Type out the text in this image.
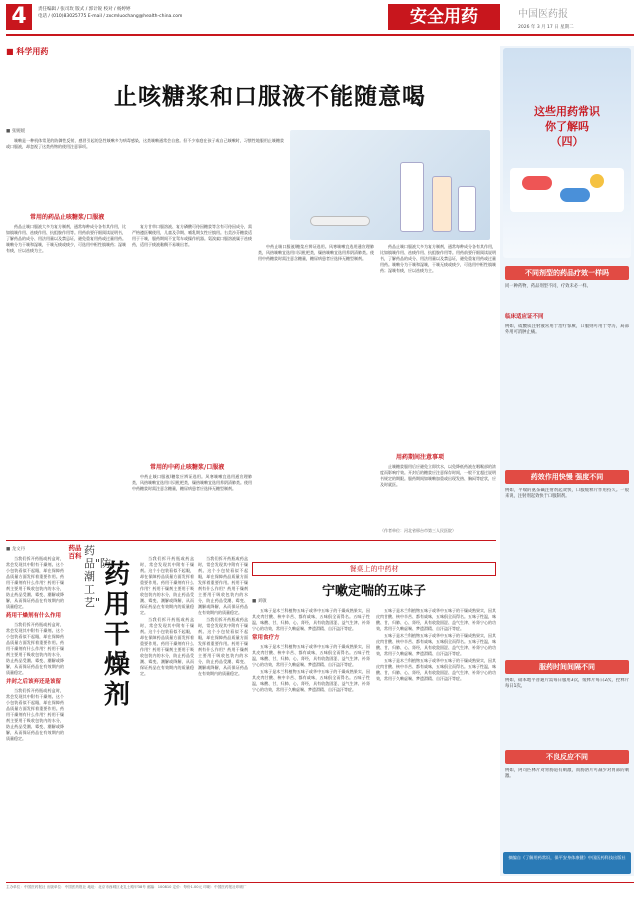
4	责任编辑 / 张司玫 版式 / 郭计锐 校对 / 杨婷婷
电话 / (010)83025775 E-mail / zxcmluochang@health-china.com	安全用药	中国医药报
2026 年 3 月 17 日 星期二
■ 科学用药
止咳糖浆和口服液不能随意喝
■ 张婉媛

咳嗽是一种机体常见的防御性反射，感冒引起的急性咳嗽多为病毒感染，这类咳嗽通常会自愈。但不少家庭在孩子或自己咳嗽时，习惯性地服用止咳糖浆或口服液，却忽视了这类药物的使用注意事项。

常用的药品止咳糖浆/口服液

药品止咳口服液大多为复方制剂，通常每种成分各有其作用，比如镇咳作用、祛痰作用、抗组胺作用等。用药前要仔细阅读说明书，了解药品的成分、用法用量以及禁忌证，避免重复用药或过量用药。咳嗽分为干咳和湿咳，干咳无痰或痰少，可选用中枢性镇咳药；湿咳有痰，应以祛痰为主。

复方甘草口服溶液、复方磷酸可待因糖浆等含有可待因成分，需严格遵医嘱使用，儿童及孕期、哺乳期女性应慎用。右美沙芬糖浆适用于干咳，服药期间不宜驾车或操作机器。氨溴索口服溶液属于祛痰药，适用于痰液黏稠不易咳出者。

常用的中药止咳糖浆/口服液

中药止咳口服液/糖浆应辨证选用。风寒咳嗽宜选用通宣理肺类，风热咳嗽宜选用川贝枇杷类，燥热咳嗽宜选用养阴清肺类。使用中药糖浆时需注意含糖量，糖尿病患者应选择无糖型制剂。

中药止咳口服液/糖浆应辨证选用。风寒咳嗽宜选用通宣理肺类，风热咳嗽宜选用川贝枇杷类，燥热咳嗽宜选用养阴清肺类。使用中药糖浆时需注意含糖量，糖尿病患者应选择无糖型制剂。

药品止咳口服液大多为复方制剂，通常每种成分各有其作用，比如镇咳作用、祛痰作用、抗组胺作用等。用药前要仔细阅读说明书，了解药品的成分、用法用量以及禁忌证，避免重复用药或过量用药。咳嗽分为干咳和湿咳，干咳无痰或痰少，可选用中枢性镇咳药；湿咳有痰，应以祛痰为主。

用药期间注意事项

止咳糖浆服用后应避免立即饮水，以免降低药液在咽喉部的浓度而影响疗效。开封后的糖浆应注意保存时间，一般不宜超过说明书规定的期限。服药期间如咳嗽加重或出现发热、胸闷等症状，应及时就医。

（作者单位：河北省邢台市第三人民医院）
■ 龙文丹

当我们拆开药瓶或药盒时，常会发现其中附有干燥剂。这个小包装看似不起眼，却在保障药品质量方面发挥着重要作用。药用干燥剂有什么作用？药用干燥剂主要用于吸收包装内的水分，防止药品受潮、霉变、潮解或降解，从而保证药品在有效期内的质量稳定。

药用干燥剂有什么作用

当我们拆开药瓶或药盒时，常会发现其中附有干燥剂。这个小包装看似不起眼，却在保障药品质量方面发挥着重要作用。药用干燥剂有什么作用？药用干燥剂主要用于吸收包装内的水分，防止药品受潮、霉变、潮解或降解，从而保证药品在有效期内的质量稳定。

并封之后该弃还是该留

当我们拆开药瓶或药盒时，常会发现其中附有干燥剂。这个小包装看似不起眼，却在保障药品质量方面发挥着重要作用。药用干燥剂有什么作用？药用干燥剂主要用于吸收包装内的水分，防止药品受潮、霉变、潮解或降解，从而保证药品在有效期内的质量稳定。

药品百科 药品"防潮工艺"
药用干燥剂

当我们拆开药瓶或药盒时，常会发现其中附有干燥剂。这个小包装看似不起眼，却在保障药品质量方面发挥着重要作用。药用干燥剂有什么作用？药用干燥剂主要用于吸收包装内的水分，防止药品受潮、霉变、潮解或降解，从而保证药品在有效期内的质量稳定。

当我们拆开药瓶或药盒时，常会发现其中附有干燥剂。这个小包装看似不起眼，却在保障药品质量方面发挥着重要作用。药用干燥剂有什么作用？药用干燥剂主要用于吸收包装内的水分，防止药品受潮、霉变、潮解或降解，从而保证药品在有效期内的质量稳定。

当我们拆开药瓶或药盒时，常会发现其中附有干燥剂。这个小包装看似不起眼，却在保障药品质量方面发挥着重要作用。药用干燥剂有什么作用？药用干燥剂主要用于吸收包装内的水分，防止药品受潮、霉变、潮解或降解，从而保证药品在有效期内的质量稳定。

当我们拆开药瓶或药盒时，常会发现其中附有干燥剂。这个小包装看似不起眼，却在保障药品质量方面发挥着重要作用。药用干燥剂有什么作用？药用干燥剂主要用于吸收包装内的水分，防止药品受潮、霉变、潮解或降解，从而保证药品在有效期内的质量稳定。

餐桌上的中药材
宁嗽定喘的五味子
■ 刘敏

五味子是木兰科植物五味子或华中五味子的干燥成熟果实，因其皮肉甘酸、核中辛苦、都有咸味，五味俱全而得名。五味子性温，味酸、甘，归肺、心、肾经，具有收敛固涩、益气生津、补肾宁心的功效，常用于久嗽虚喘、梦遗滑精、自汗盗汗等症。

常用食疗方

五味子是木兰科植物五味子或华中五味子的干燥成熟果实，因其皮肉甘酸、核中辛苦、都有咸味，五味俱全而得名。五味子性温，味酸、甘，归肺、心、肾经，具有收敛固涩、益气生津、补肾宁心的功效，常用于久嗽虚喘、梦遗滑精、自汗盗汗等症。

五味子是木兰科植物五味子或华中五味子的干燥成熟果实，因其皮肉甘酸、核中辛苦、都有咸味，五味俱全而得名。五味子性温，味酸、甘，归肺、心、肾经，具有收敛固涩、益气生津、补肾宁心的功效，常用于久嗽虚喘、梦遗滑精、自汗盗汗等症。

五味子是木兰科植物五味子或华中五味子的干燥成熟果实，因其皮肉甘酸、核中辛苦、都有咸味，五味俱全而得名。五味子性温，味酸、甘，归肺、心、肾经，具有收敛固涩、益气生津、补肾宁心的功效，常用于久嗽虚喘、梦遗滑精、自汗盗汗等症。

五味子是木兰科植物五味子或华中五味子的干燥成熟果实，因其皮肉甘酸、核中辛苦、都有咸味，五味俱全而得名。五味子性温，味酸、甘，归肺、心、肾经，具有收敛固涩、益气生津、补肾宁心的功效，常用于久嗽虚喘、梦遗滑精、自汗盗汗等症。

五味子是木兰科植物五味子或华中五味子的干燥成熟果实，因其皮肉甘酸、核中辛苦、都有咸味，五味俱全而得名。五味子性温，味酸、甘，归肺、心、肾经，具有收敛固涩、益气生津、补肾宁心的功效，常用于久嗽虚喘、梦遗滑精、自汗盗汗等症。

这些用药常识
你了解吗
（四）
不同剂型的药品疗效一样吗
同一种药物，药品剂型不同，疗效未必一样。
临床适应证不同
例如，硫酸镁注射液常用于治疗惊厥，口服则可用于导泻，局部外用可消肿止痛。
药效作用快慢 强度不同
例如，平喘的氨茶碱注射剂起效快，口服缓释片作用持久。一般来说，注射剂起效快于口服制剂。
服药时间间隔不同
例如，硝苯地平普通片需每日服用3次，缓释片每日2次，控释片每日1次。
不良反应不同
例如，阿司匹林片对胃肠道有刺激，而肠溶片可减少对胃部的刺激。
摘编自《了解用药常识，保平安身体康健》中国医药科技出版社
主办单位：中国医药报社 出版单位：中国医药报社 地址：北京市西城区北礼士路甲38号 邮编：100810 定价：每份1.00元 印刷：中国医药报社印刷厂
